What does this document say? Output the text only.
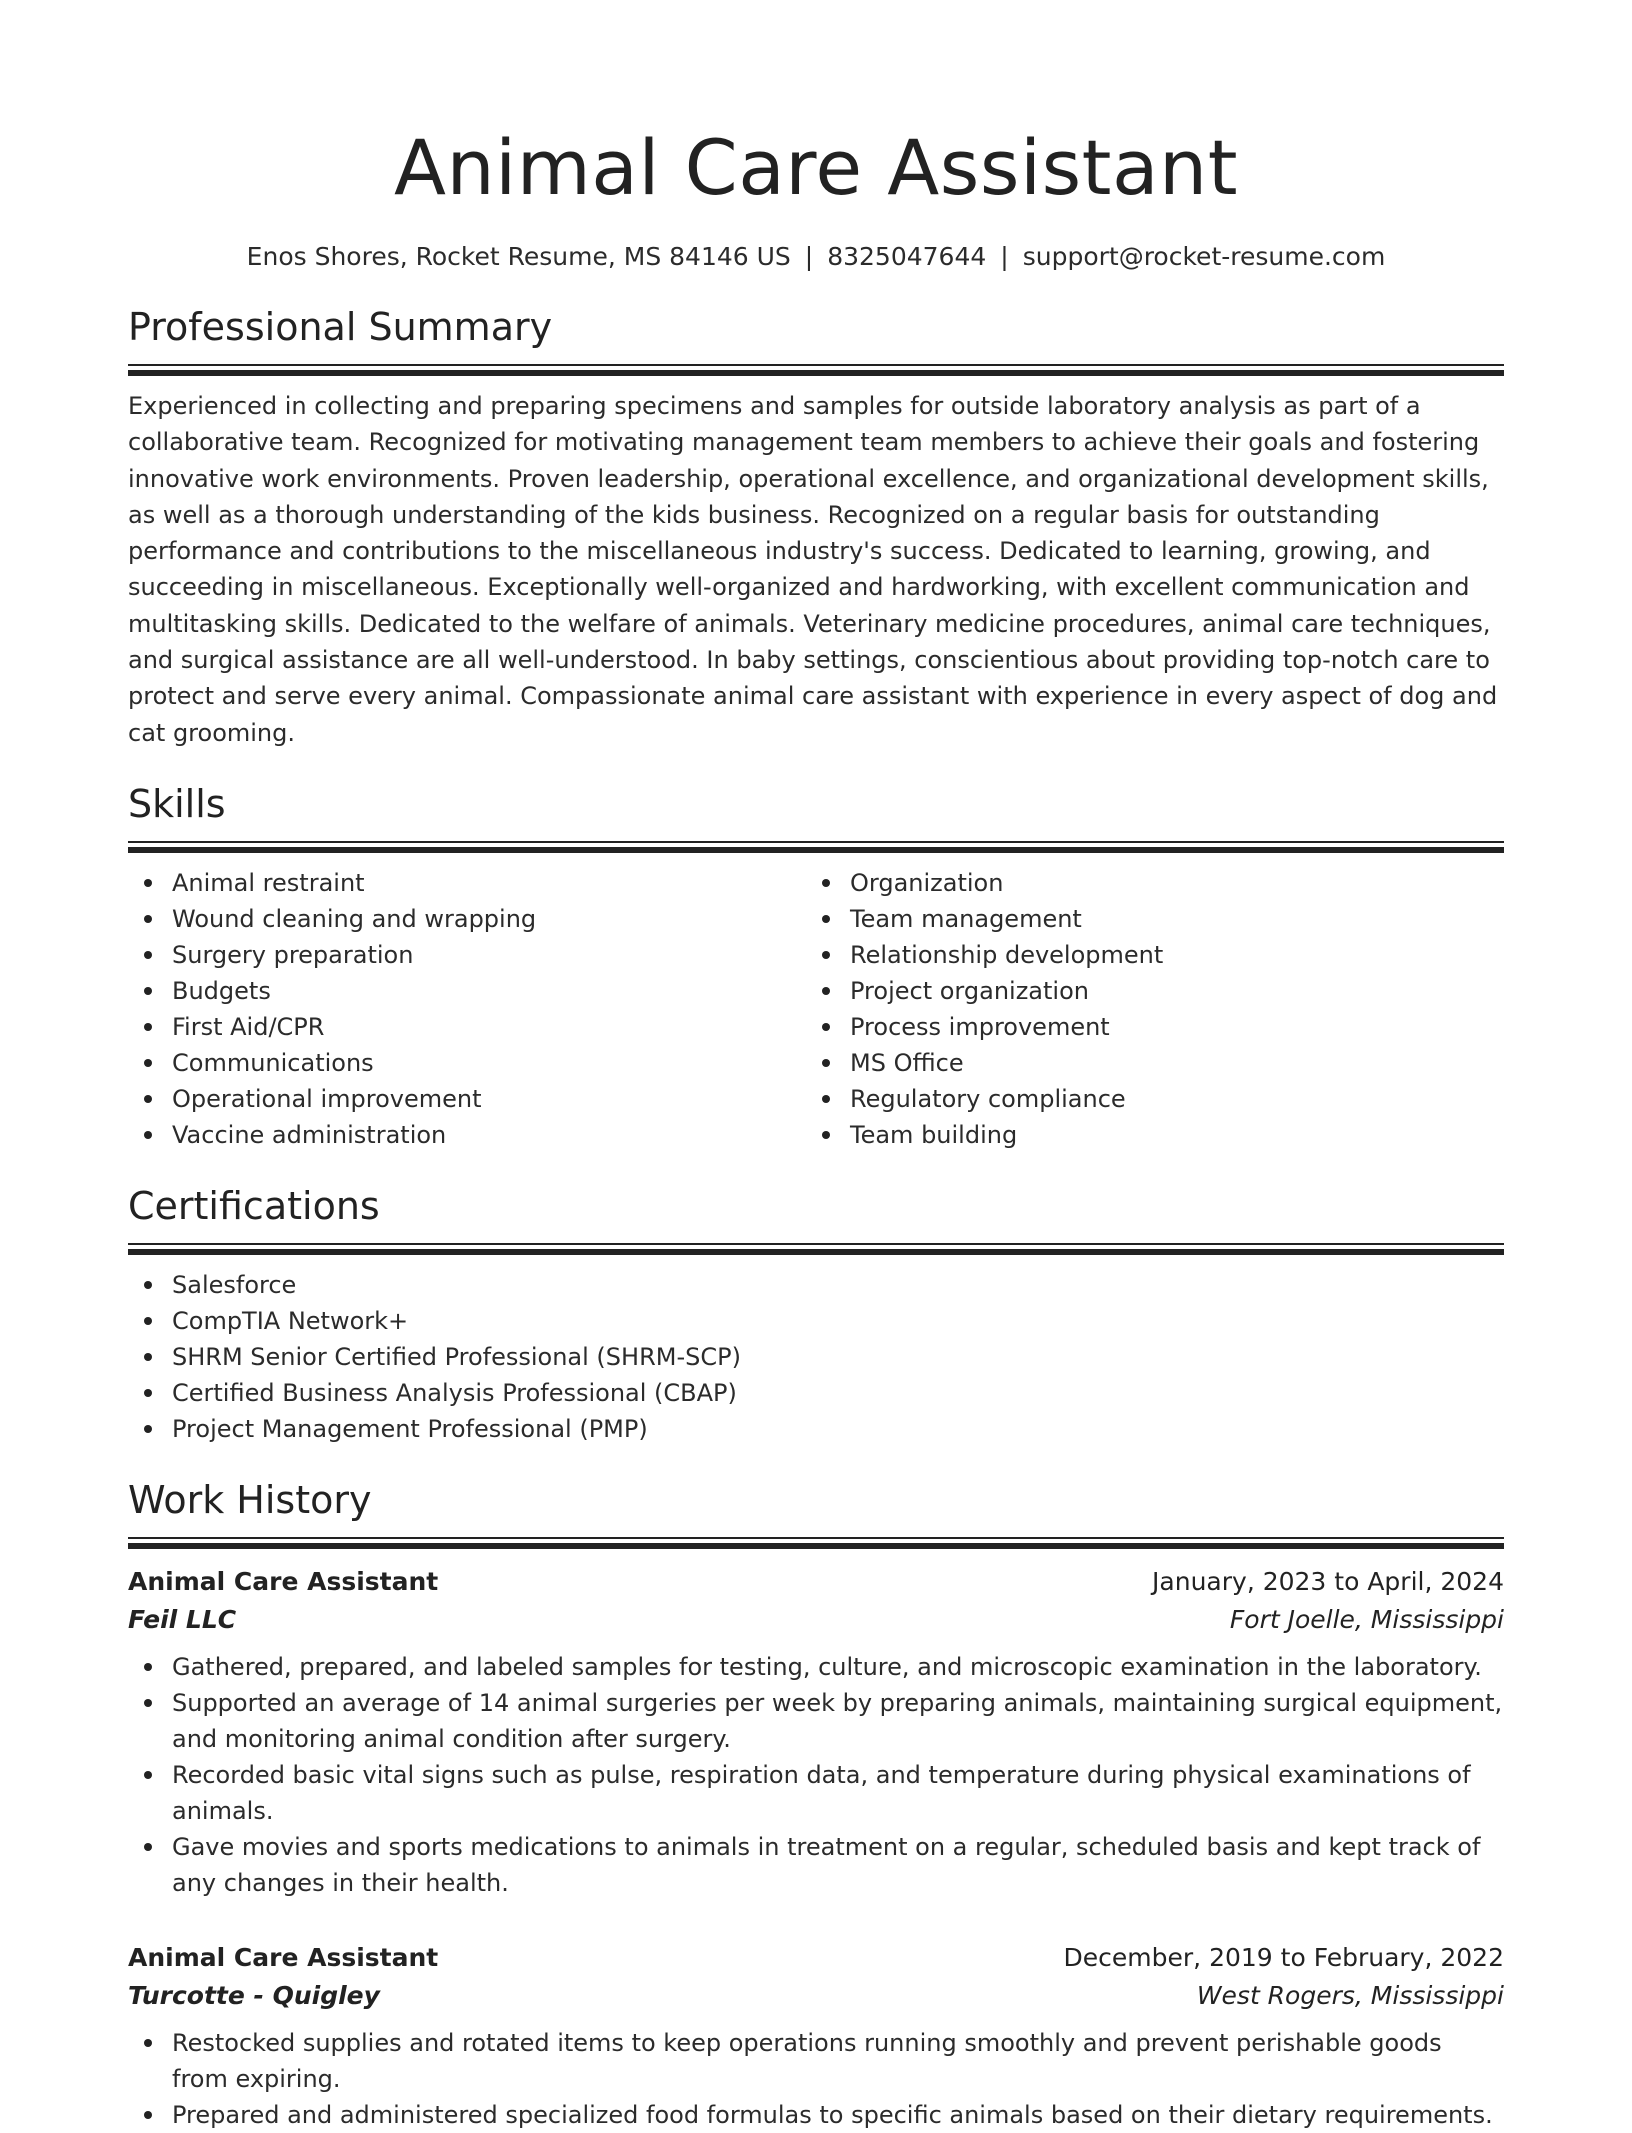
Animal Care Assistant
Enos Shores, Rocket Resume, MS 84146 US | 8325047644 | support@rocket-resume.com
Professional Summary

Experienced in collecting and preparing specimens and samples for outside laboratory analysis as part of a collaborative team. Recognized for motivating management team members to achieve their goals and fostering innovative work environments. Proven leadership, operational excellence, and organizational development skills, as well as a thorough understanding of the kids business. Recognized on a regular basis for outstanding performance and contributions to the miscellaneous industry's success. Dedicated to learning, growing, and succeeding in miscellaneous. Exceptionally well-organized and hardworking, with excellent communication and multitasking skills. Dedicated to the welfare of animals. Veterinary medicine procedures, animal care techniques, and surgical assistance are all well-understood. In baby settings, conscientious about providing top-notch care to protect and serve every animal. Compassionate animal care assistant with experience in every aspect of dog and cat grooming.

Skills
Animal restraint
Wound cleaning and wrapping
Surgery preparation
Budgets
First Aid/CPR
Communications
Operational improvement
Vaccine administration
Organization
Team management
Relationship development
Project organization
Process improvement
MS Office
Regulatory compliance
Team building
Certifications
Salesforce
CompTIA Network+
SHRM Senior Certified Professional (SHRM-SCP)
Certified Business Analysis Professional (CBAP)
Project Management Professional (PMP)
Work History
Animal Care Assistant	January, 2023 to April, 2024
Feil LLC	Fort Joelle, Mississippi
Gathered, prepared, and labeled samples for testing, culture, and microscopic examination in the laboratory.
Supported an average of 14 animal surgeries per week by preparing animals, maintaining surgical equipment, and monitoring animal condition after surgery.
Recorded basic vital signs such as pulse, respiration data, and temperature during physical examinations of animals.
Gave movies and sports medications to animals in treatment on a regular, scheduled basis and kept track of any changes in their health.
Animal Care Assistant	December, 2019 to February, 2022
Turcotte - Quigley	West Rogers, Mississippi
Restocked supplies and rotated items to keep operations running smoothly and prevent perishable goods from expiring.
Prepared and administered specialized food formulas to specific animals based on their dietary requirements.
